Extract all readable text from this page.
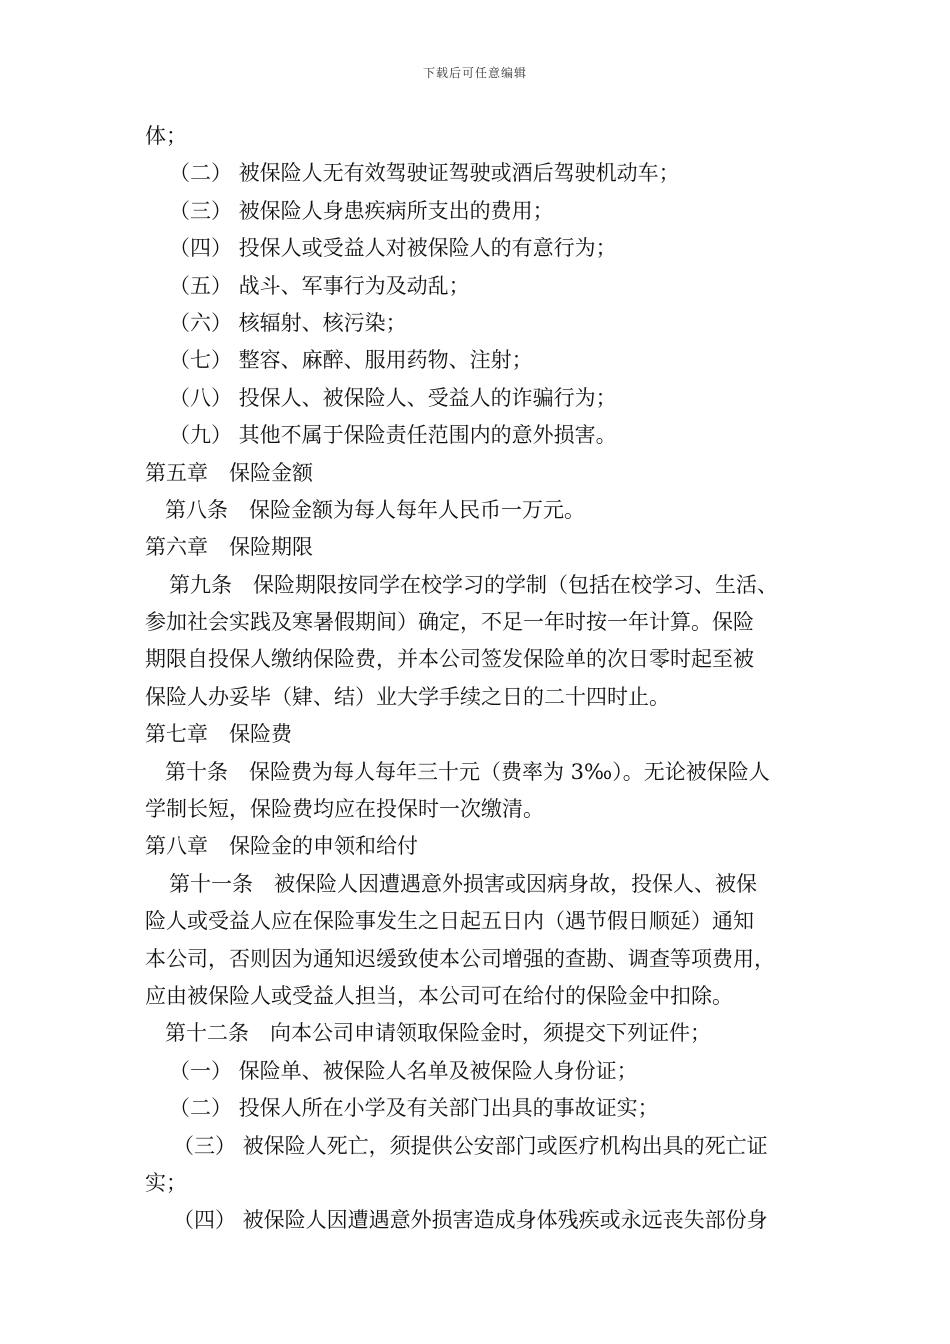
下载后可任意编辑
体；
（二） 被保险人无有效驾驶证驾驶或酒后驾驶机动车；
（三） 被保险人身患疾病所支出的费用；
（四） 投保人或受益人对被保险人的有意行为；
（五） 战斗、军事行为及动乱；
（六） 核辐射、核污染；
（七） 整容、麻醉、服用药物、注射；
（八） 投保人、被保险人、受益人的诈骗行为；
（九） 其他不属于保险责任范围内的意外损害。
第五章　保险金额
第八条　保险金额为每人每年人民币一万元。
第六章　保险期限
第九条　保险期限按同学在校学习的学制（包括在校学习、生活、
参加社会实践及寒暑假期间）确定，不足一年时按一年计算。保险
期限自投保人缴纳保险费，并本公司签发保险单的次日零时起至被
保险人办妥毕（肄、结）业大学手续之日的二十四时止。
第七章　保险费
第十条　保险费为每人每年三十元（费率为 3‰）。无论被保险人
学制长短，保险费均应在投保时一次缴清。
第八章　保险金的申领和给付
第十一条　被保险人因遭遇意外损害或因病身故，投保人、被保
险人或受益人应在保险事发生之日起五日内（遇节假日顺延）通知
本公司，否则因为通知迟缓致使本公司增强的查勘、调查等项费用，
应由被保险人或受益人担当，本公司可在给付的保险金中扣除。
第十二条　向本公司申请领取保险金时，须提交下列证件；
（一） 保险单、被保险人名单及被保险人身份证；
（二） 投保人所在小学及有关部门出具的事故证实；
（三） 被保险人死亡，须提供公安部门或医疗机构出具的死亡证
实；
（四） 被保险人因遭遇意外损害造成身体残疾或永远丧失部份身
